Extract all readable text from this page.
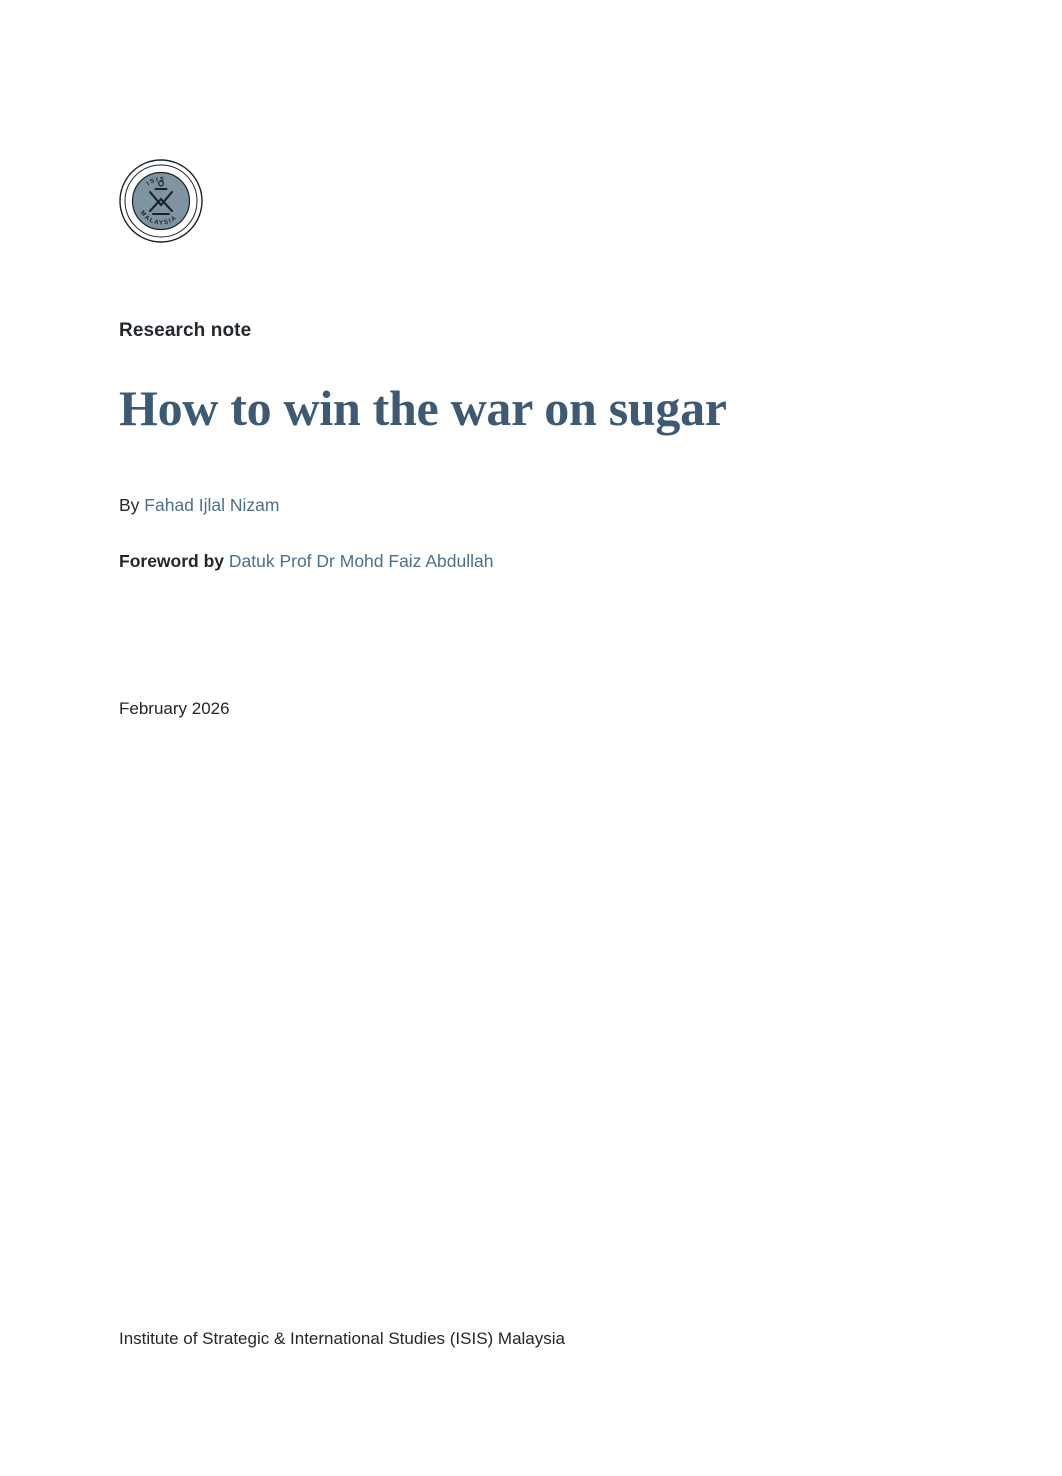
ISIS
MALAYSIA
Research note
How to win the war on sugar
By Fahad Ijlal Nizam
Foreword by Datuk Prof Dr Mohd Faiz Abdullah
February 2026
Institute of Strategic & International Studies (ISIS) Malaysia
